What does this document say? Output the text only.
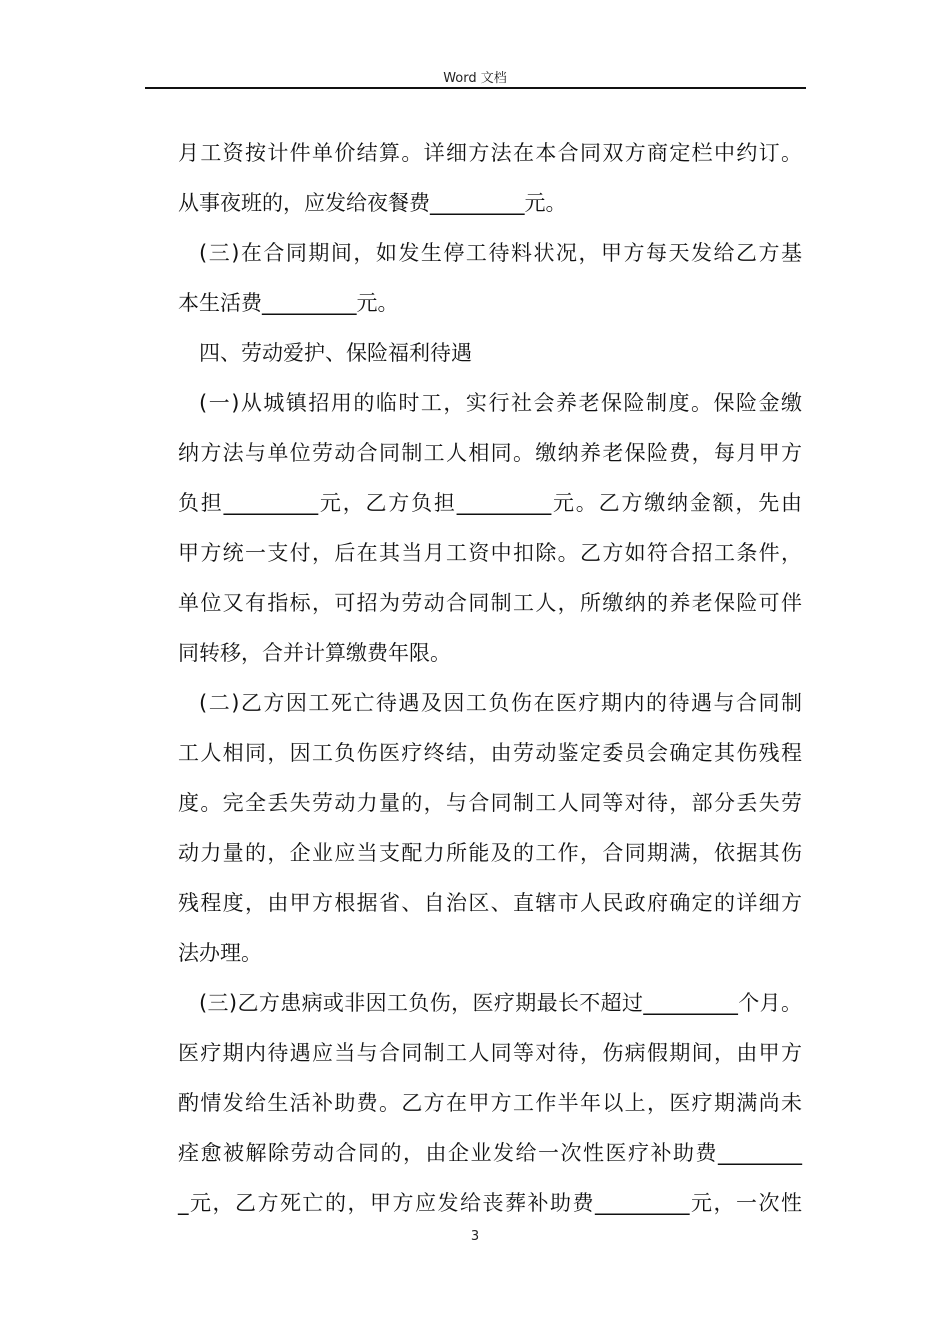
Word 文档
月工资按计件单价结算。详细方法在本合同双方商定栏中约订。
从事夜班的，应发给夜餐费_________元。
(三)在合同期间，如发生停工待料状况，甲方每天发给乙方基
本生活费_________元。
四、劳动爱护、保险福利待遇
(一)从城镇招用的临时工，实行社会养老保险制度。保险金缴
纳方法与单位劳动合同制工人相同。缴纳养老保险费，每月甲方
负担_________元，乙方负担_________元。乙方缴纳金额，先由
甲方统一支付，后在其当月工资中扣除。乙方如符合招工条件，
单位又有指标，可招为劳动合同制工人，所缴纳的养老保险可伴
同转移，合并计算缴费年限。
(二)乙方因工死亡待遇及因工负伤在医疗期内的待遇与合同制
工人相同，因工负伤医疗终结，由劳动鉴定委员会确定其伤残程
度。完全丢失劳动力量的，与合同制工人同等对待，部分丢失劳
动力量的，企业应当支配力所能及的工作，合同期满，依据其伤
残程度，由甲方根据省、自治区、直辖市人民政府确定的详细方
法办理。
(三)乙方患病或非因工负伤，医疗期最长不超过_________个月。
医疗期内待遇应当与合同制工人同等对待，伤病假期间，由甲方
酌情发给生活补助费。乙方在甲方工作半年以上，医疗期满尚未
痊愈被解除劳动合同的，由企业发给一次性医疗补助费________
_元，乙方死亡的，甲方应发给丧葬补助费_________元，一次性
3
